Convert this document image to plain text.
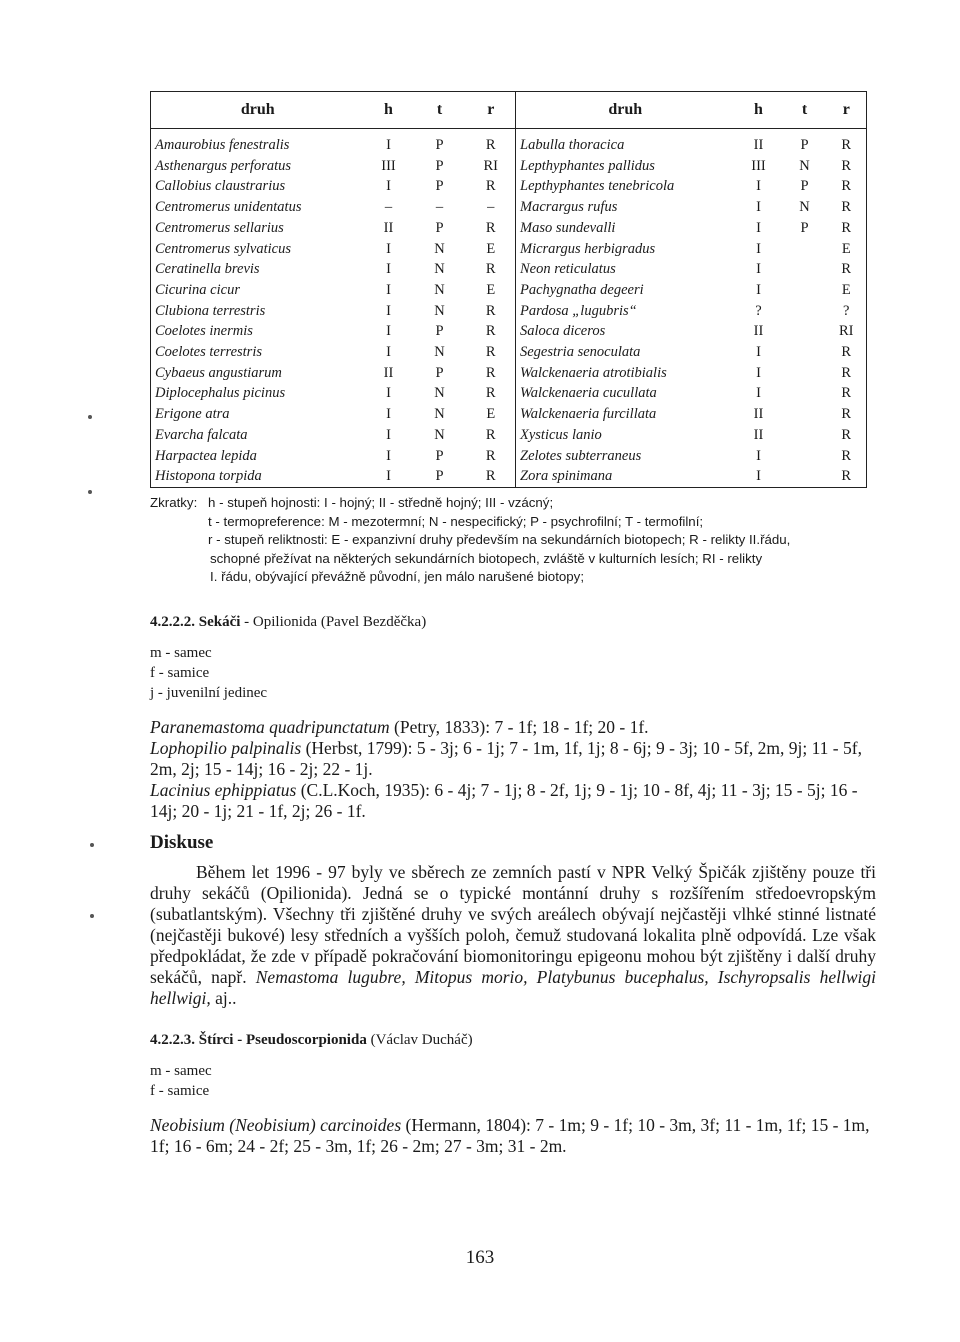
druh	h	t	r	druh	h	t	r
Amaurobius fenestralis	I	P	R	Labulla thoracica	II	P	R
Asthenargus perforatus	III	P	RI	Lepthyphantes pallidus	III	N	R
Callobius claustrarius	I	P	R	Lepthyphantes tenebricola	I	P	R
Centromerus unidentatus	–	–	–	Macrargus rufus	I	N	R
Centromerus sellarius	II	P	R	Maso sundevalli	I	P	R
Centromerus sylvaticus	I	N	E	Micrargus herbigradus	I		E
Ceratinella brevis	I	N	R	Neon reticulatus	I		R
Cicurina cicur	I	N	E	Pachygnatha degeeri	I		E
Clubiona terrestris	I	N	R	Pardosa „lugubris“	?		?
Coelotes inermis	I	P	R	Saloca diceros	II		RI
Coelotes terrestris	I	N	R	Segestria senoculata	I		R
Cybaeus angustiarum	II	P	R	Walckenaeria atrotibialis	I		R
Diplocephalus picinus	I	N	R	Walckenaeria cucullata	I		R
Erigone atra	I	N	E	Walckenaeria furcillata	II		R
Evarcha falcata	I	N	R	Xysticus lanio	II		R
Harpactea lepida	I	P	R	Zelotes subterraneus	I		R
Histopona torpida	I	P	R	Zora spinimana	I		R
Zkratky: h - stupeň hojnosti: I - hojný; II - středně hojný; III - vzácný;
t - termopreference: M - mezotermní; N - nespecifický; P - psychrofilní; T - termofilní;
r - stupeň reliktnosti: E - expanzivní druhy především na sekundárních biotopech; R - relikty II.řádu,
schopné přežívat na některých sekundárních biotopech, zvláště v kulturních lesích; RI - relikty
I. řádu, obývající převážně původní, jen málo narušené biotopy;
4.2.2.2. Sekáči - Opilionida (Pavel Bezděčka)
m - samec
f - samice
j - juvenilní jedinec

Paranemastoma quadripunctatum (Petry, 1833): 7 - 1f; 18 - 1f; 20 - 1f.

Lophopilio palpinalis (Herbst, 1799): 5 - 3j; 6 - 1j; 7 - 1m, 1f, 1j; 8 - 6j; 9 - 3j; 10 - 5f, 2m, 9j; 11 - 5f, 2m, 2j; 15 - 14j; 16 - 2j; 22 - 1j.

Lacinius ephippiatus (C.L.Koch, 1935): 6 - 4j; 7 - 1j; 8 - 2f, 1j; 9 - 1j; 10 - 8f, 4j; 11 - 3j; 15 - 5j; 16 - 14j; 20 - 1j; 21 - 1f, 2j; 26 - 1f.

Diskuse

Během let 1996 - 97 byly ve sběrech ze zemních pastí v NPR Velký Špičák zjištěny pouze tři druhy sekáčů (Opilionida). Jedná se o typické montánní druhy s rozšířením středoevropským (subatlantským). Všechny tři zjištěné druhy ve svých areálech obývají nejčastěji vlhké stinné listnaté (nejčastěji bukové) lesy středních a vyšších poloh, čemuž studovaná lokalita plně odpovídá. Lze však předpokládat, že zde v případě pokračování biomonitoringu epigeonu mohou být zjištěny i další druhy sekáčů, např. Nemastoma lugubre, Mitopus morio, Platybunus bucephalus, Ischyropsalis hellwigi hellwigi, aj..

4.2.2.3. Štírci - Pseudoscorpionida (Václav Ducháč)
m - samec
f - samice

Neobisium (Neobisium) carcinoides (Hermann, 1804): 7 - 1m; 9 - 1f; 10 - 3m, 3f; 11 - 1m, 1f; 15 - 1m, 1f; 16 - 6m; 24 - 2f; 25 - 3m, 1f; 26 - 2m; 27 - 3m; 31 - 2m.

163
